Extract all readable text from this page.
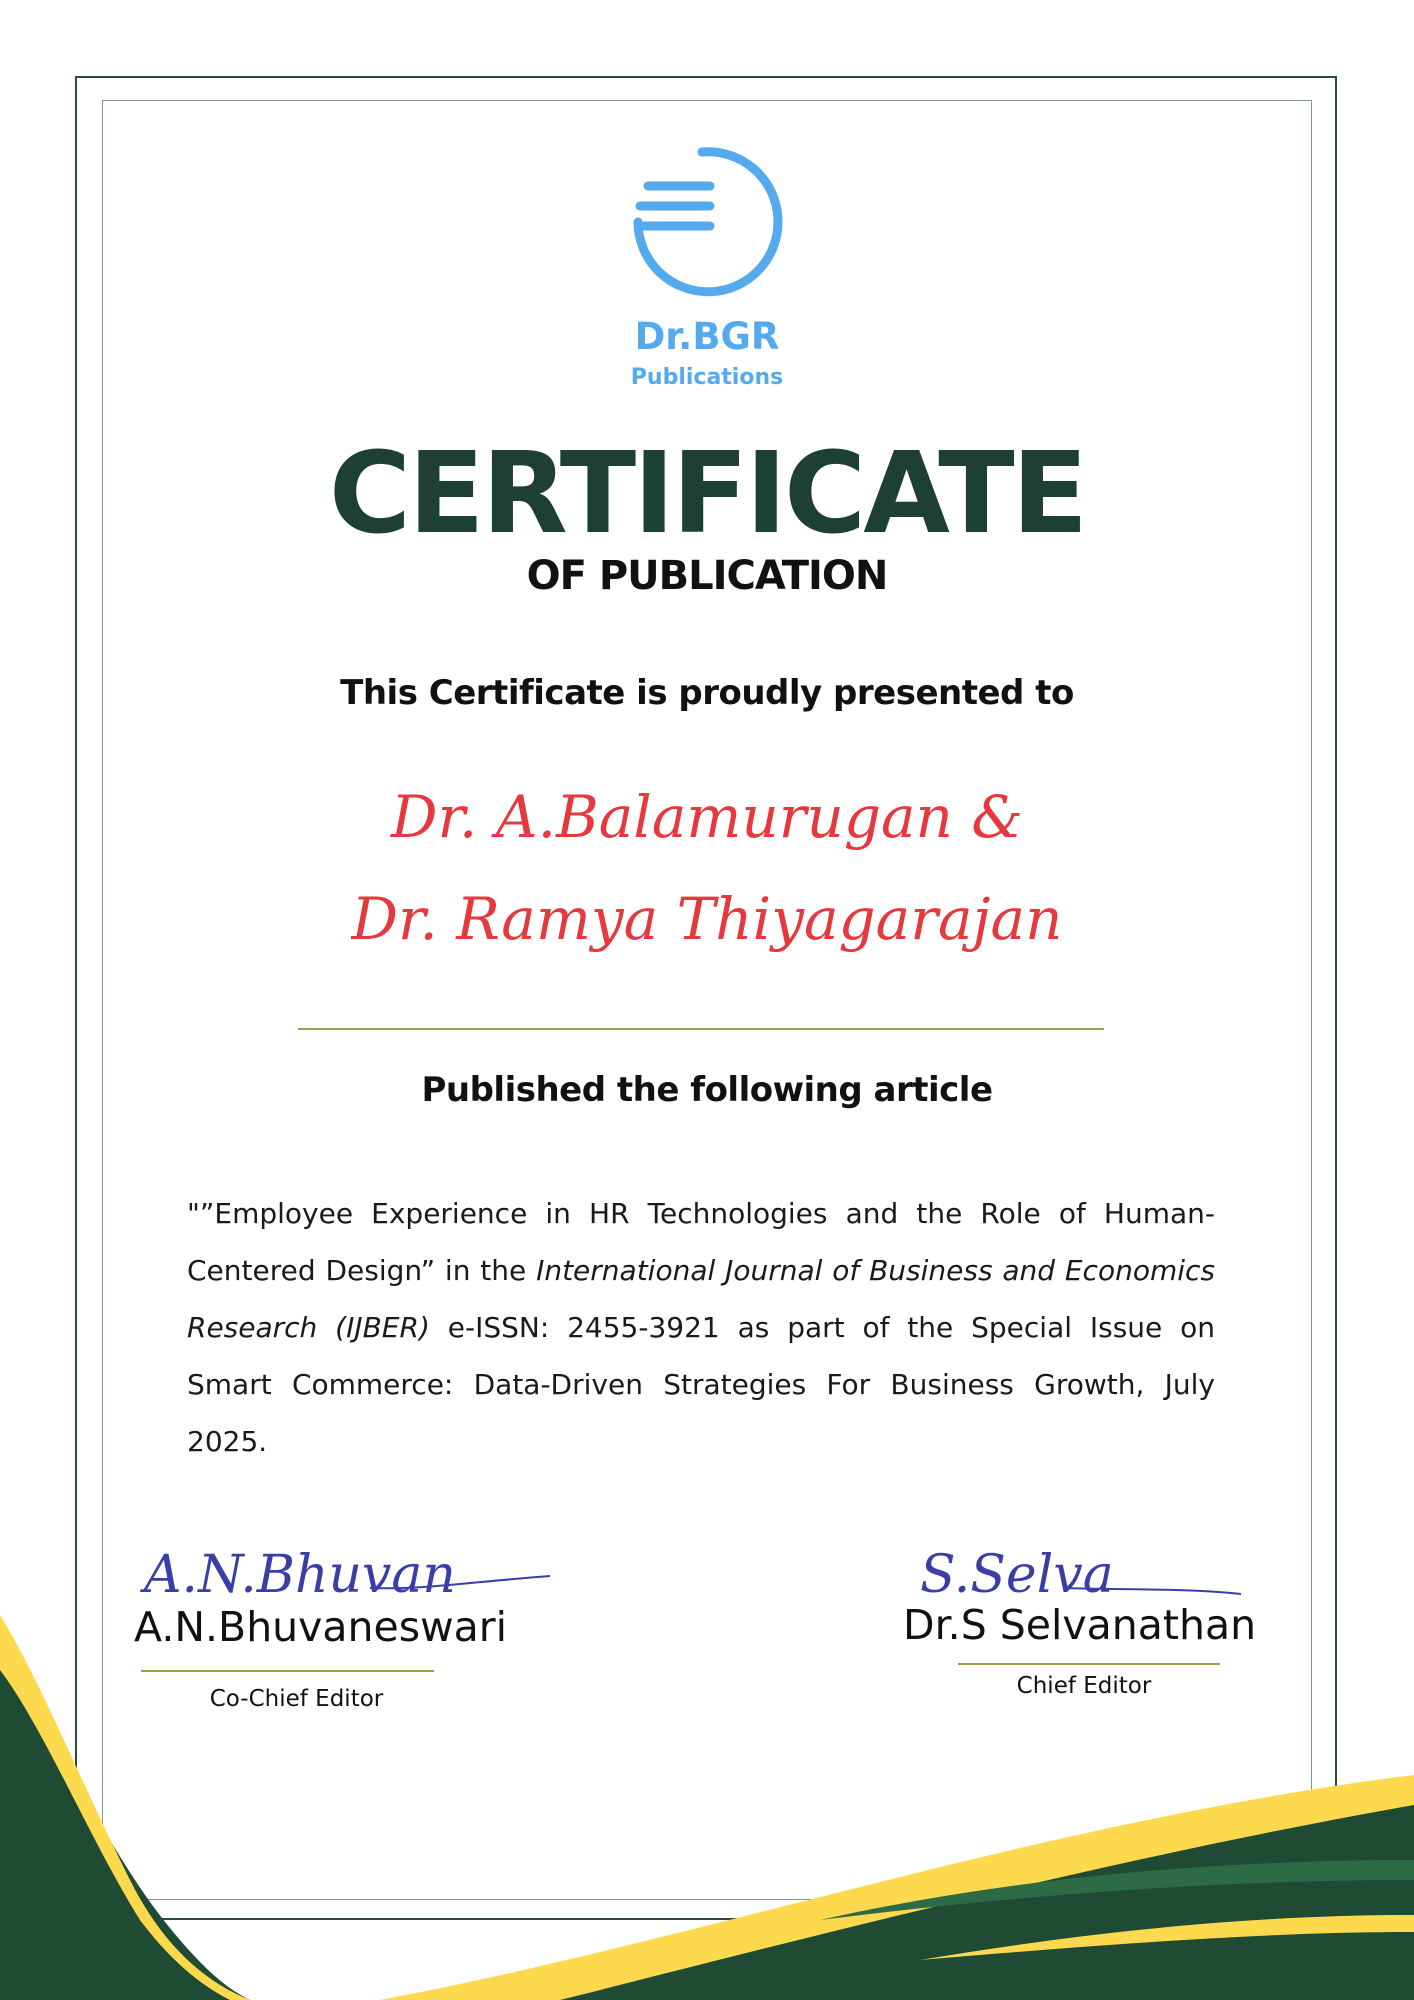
Dr.BGR
Publications
CERTIFICATE
OF PUBLICATION
This Certificate is proudly presented to
Dr. A.Balamurugan &
Dr. Ramya Thiyagarajan
Published the following article

"”Employee Experience in HR Technologies and the Role of Human-Centered Design” in the International Journal of Business and Economics Research (IJBER) e-ISSN: 2455-3921 as part of the Special Issue on Smart Commerce: Data-Driven Strategies For Business Growth, July 2025.

A.N.Bhuvan
A.N.Bhuvaneswari
Co-Chief Editor
S.Selva
Dr.S Selvanathan
Chief Editor
